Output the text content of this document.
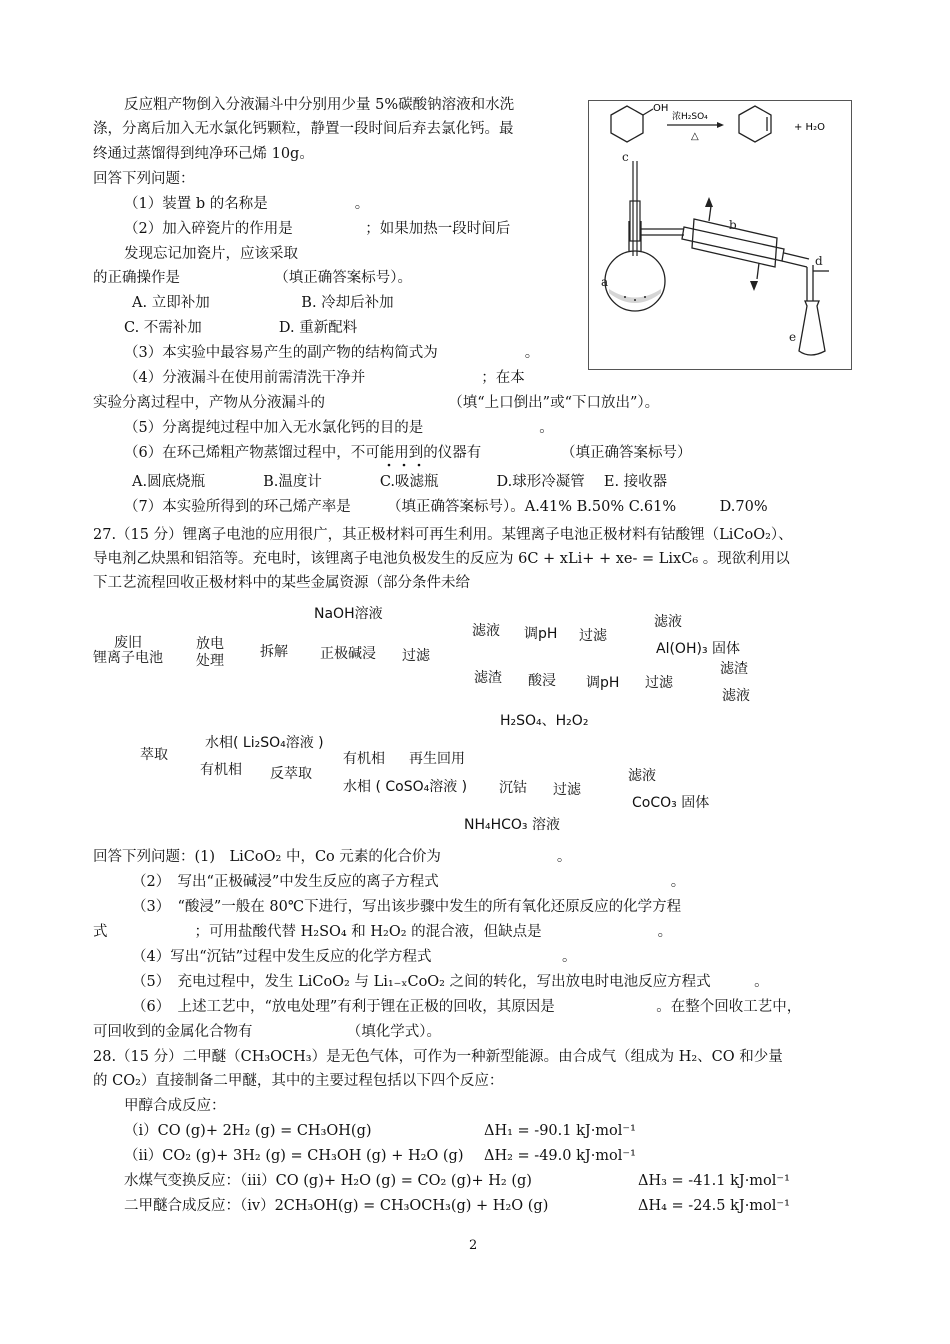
反应粗产物倒入分液漏斗中分别用少量 5%碳酸钠溶液和水洗
涤，分离后加入无水氯化钙颗粒，静置一段时间后弃去氯化钙。最
终通过蒸馏得到纯净环己烯 10g。
回答下列问题：
（1）装置 b 的名称是　　　　　　。
（2）加入碎瓷片的作用是　　　　　；如果加热一段时间后
发现忘记加瓷片，应该采取
的正确操作是　　　　　　　（填正确答案标号）。
A. 立即补加　　　　　　 B. 冷却后补加
C. 不需补加　　　　　 D. 重新配料
（3）本实验中最容易产生的副产物的结构简式为　　　　　　。
（4）分液漏斗在使用前需清洗干净并　　　　　　　　；在本
实验分离过程中，产物从分液漏斗的　　　　　　　　　（填“上口倒出”或“下口放出”）。
（5）分离提纯过程中加入无水氯化钙的目的是　　　　　　　　。
（6）在环己烯粗产物蒸馏过程中，不可能用到的仪器有　　　　　　（填正确答案标号）
A.圆底烧瓶　　　　B.温度计　　　　C.吸滤瓶　　　　D.球形冷凝管　 E. 接收器
（7）本实验所得到的环己烯产率是　　　（填正确答案标号）。A.41% B.50% C.61%　　　D.70%
OH
浓H₂SO₄
△
+ H₂O
a
b
c
d
e
27.（15 分）锂离子电池的应用很广，其正极材料可再生利用。某锂离子电池正极材料有钴酸锂（LiCoO₂）、
导电剂乙炔黑和铝箔等。充电时，该锂离子电池负极发生的反应为 6C + xLi+ + xe- = LixC₆ 。现欲利用以
下工艺流程回收正极材料中的某些金属资源（部分条件未给
NaOH溶液
废旧
锂离子电池
放电
处理
拆解 正极碱浸 过滤
滤液 调pH 过滤
滤液
Al(OH)₃ 固体
滤渣
滤渣 酸浸 调pH 过滤
滤液
H₂SO₄、H₂O₂
萃取
水相( Li₂SO₄溶液 )
有机相 反萃取
有机相 再生回用
水相 ( CoSO₄溶液 ) 沉钴 过滤
滤液
CoCO₃ 固体
NH₄HCO₃ 溶液
回答下列问题：(1)　LiCoO₂ 中，Co 元素的化合价为　　　　　　　　。
（2）　写出“正极碱浸”中发生反应的离子方程式　　　　　　　　　　　　　　　　。
（3）　“酸浸”一般在 80℃下进行，写出该步骤中发生的所有氧化还原反应的化学方程
式　　　　　　；可用盐酸代替 H₂SO₄ 和 H₂O₂ 的混合液，但缺点是　　　　　　　　。
（4）写出“沉钴”过程中发生反应的化学方程式　　　　　　　　　。
（5）　充电过程中，发生 LiCoO₂ 与 Li₁₋ₓCoO₂ 之间的转化，写出放电时电池反应方程式　　　。
（6）　上述工艺中，“放电处理”有利于锂在正极的回收，其原因是　　　　　　　。在整个回收工艺中，
可回收到的金属化合物有　　　　　　　（填化学式）。
28.（15 分）二甲醚（CH₃OCH₃）是无色气体，可作为一种新型能源。由合成气（组成为 H₂、CO 和少量
的 CO₂）直接制备二甲醚，其中的主要过程包括以下四个反应：
甲醇合成反应：
（ⅰ）CO (g)+ 2H₂ (g) = CH₃OH(g)	ΔH₁ = -90.1 kJ·mol⁻¹
（ⅱ）CO₂ (g)+ 3H₂ (g) = CH₃OH (g) + H₂O (g) ΔH₂ = -49.0 kJ·mol⁻¹
水煤气变换反应：（ⅲ）CO (g)+ H₂O (g) = CO₂ (g)+ H₂ (g)	ΔH₃ = -41.1 kJ·mol⁻¹
二甲醚合成反应：（ⅳ）2CH₃OH(g) = CH₃OCH₃(g) + H₂O (g)	ΔH₄ = -24.5 kJ·mol⁻¹
2
